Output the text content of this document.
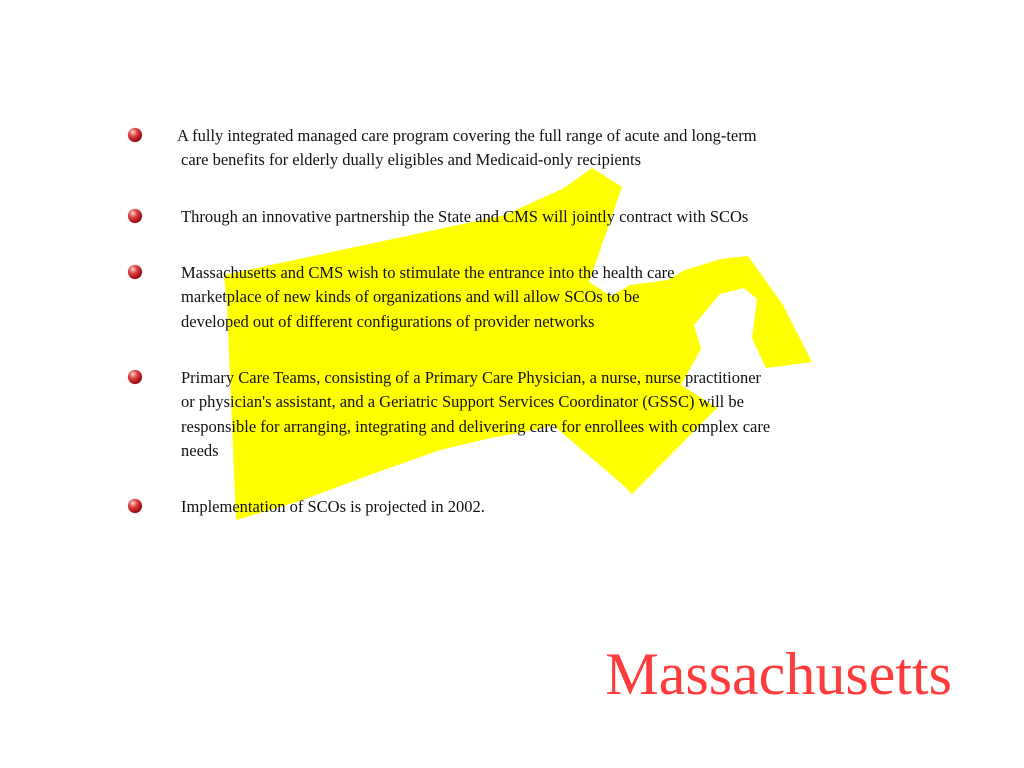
A fully integrated managed care program covering the full range of acute and long-term
care benefits for elderly dually eligibles and Medicaid-only recipients

Through an innovative partnership the State and CMS will jointly contract with SCOs

Massachusetts and CMS wish to stimulate the entrance into the health care
marketplace of new kinds of organizations and will allow SCOs to be
developed out of different configurations of provider networks

Primary Care Teams, consisting of a Primary Care Physician, a nurse, nurse practitioner
or physician's assistant, and a Geriatric Support Services Coordinator (GSSC) will be
responsible for arranging, integrating and delivering care for enrollees with complex care
needs

Implementation of SCOs is projected in 2002.

Massachusetts
